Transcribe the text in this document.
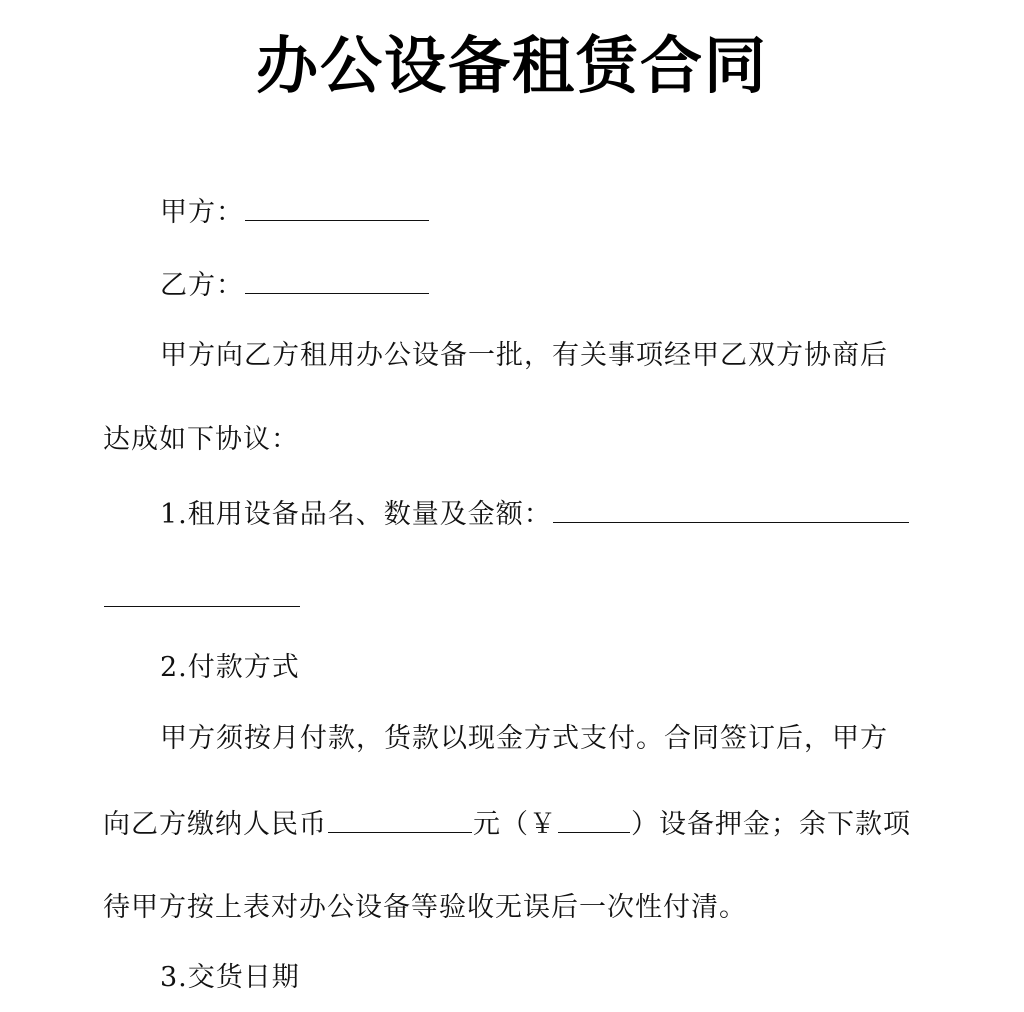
办公设备租赁合同
甲方：
乙方：
甲方向乙方租用办公设备一批，有关事项经甲乙双方协商后
达成如下协议：
1.租用设备品名、数量及金额：
2.付款方式
甲方须按月付款，货款以现金方式支付。合同签订后，甲方
向乙方缴纳人民币	元（￥	）设备押金；余下款项
待甲方按上表对办公设备等验收无误后一次性付清。
3.交货日期
